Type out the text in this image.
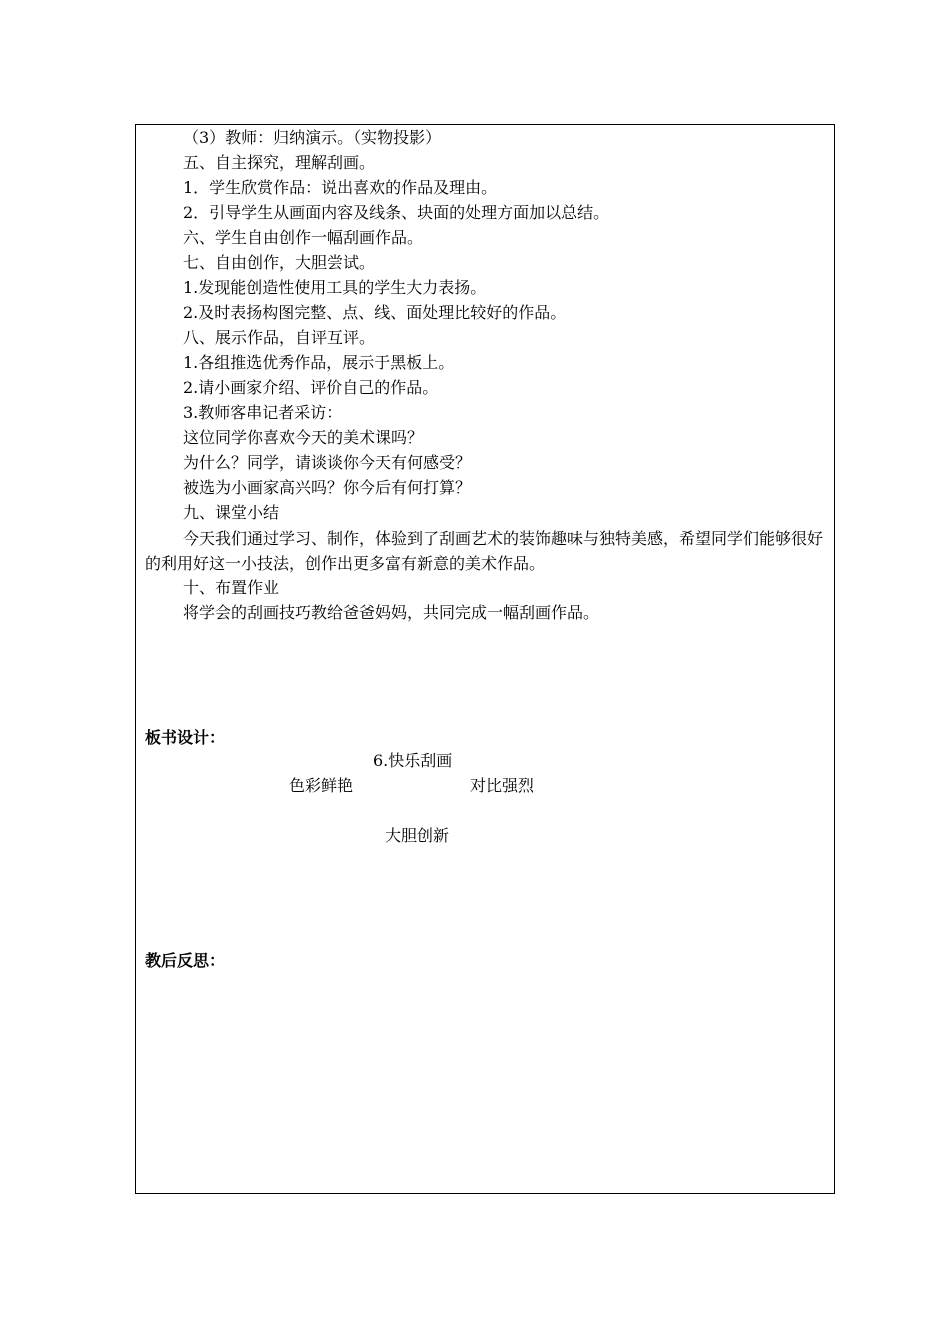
（3）教师：归纳演示。（实物投影）
五、自主探究，理解刮画。
1．学生欣赏作品：说出喜欢的作品及理由。
2．引导学生从画面内容及线条、块面的处理方面加以总结。
六、学生自由创作一幅刮画作品。
七、自由创作，大胆尝试。
1.发现能创造性使用工具的学生大力表扬。
2.及时表扬构图完整、点、线、面处理比较好的作品。
八、展示作品，自评互评。
1.各组推选优秀作品，展示于黑板上。
2.请小画家介绍、评价自己的作品。
3.教师客串记者采访：
这位同学你喜欢今天的美术课吗？
为什么？同学，请谈谈你今天有何感受？
被选为小画家高兴吗？你今后有何打算？
九、课堂小结
今天我们通过学习、制作，体验到了刮画艺术的装饰趣味与独特美感，希望同学们能够很好的利用好这一小技法，创作出更多富有新意的美术作品。
十、布置作业
将学会的刮画技巧教给爸爸妈妈，共同完成一幅刮画作品。
板书设计：
6.快乐刮画
色彩鲜艳	对比强烈
大胆创新
教后反思：
